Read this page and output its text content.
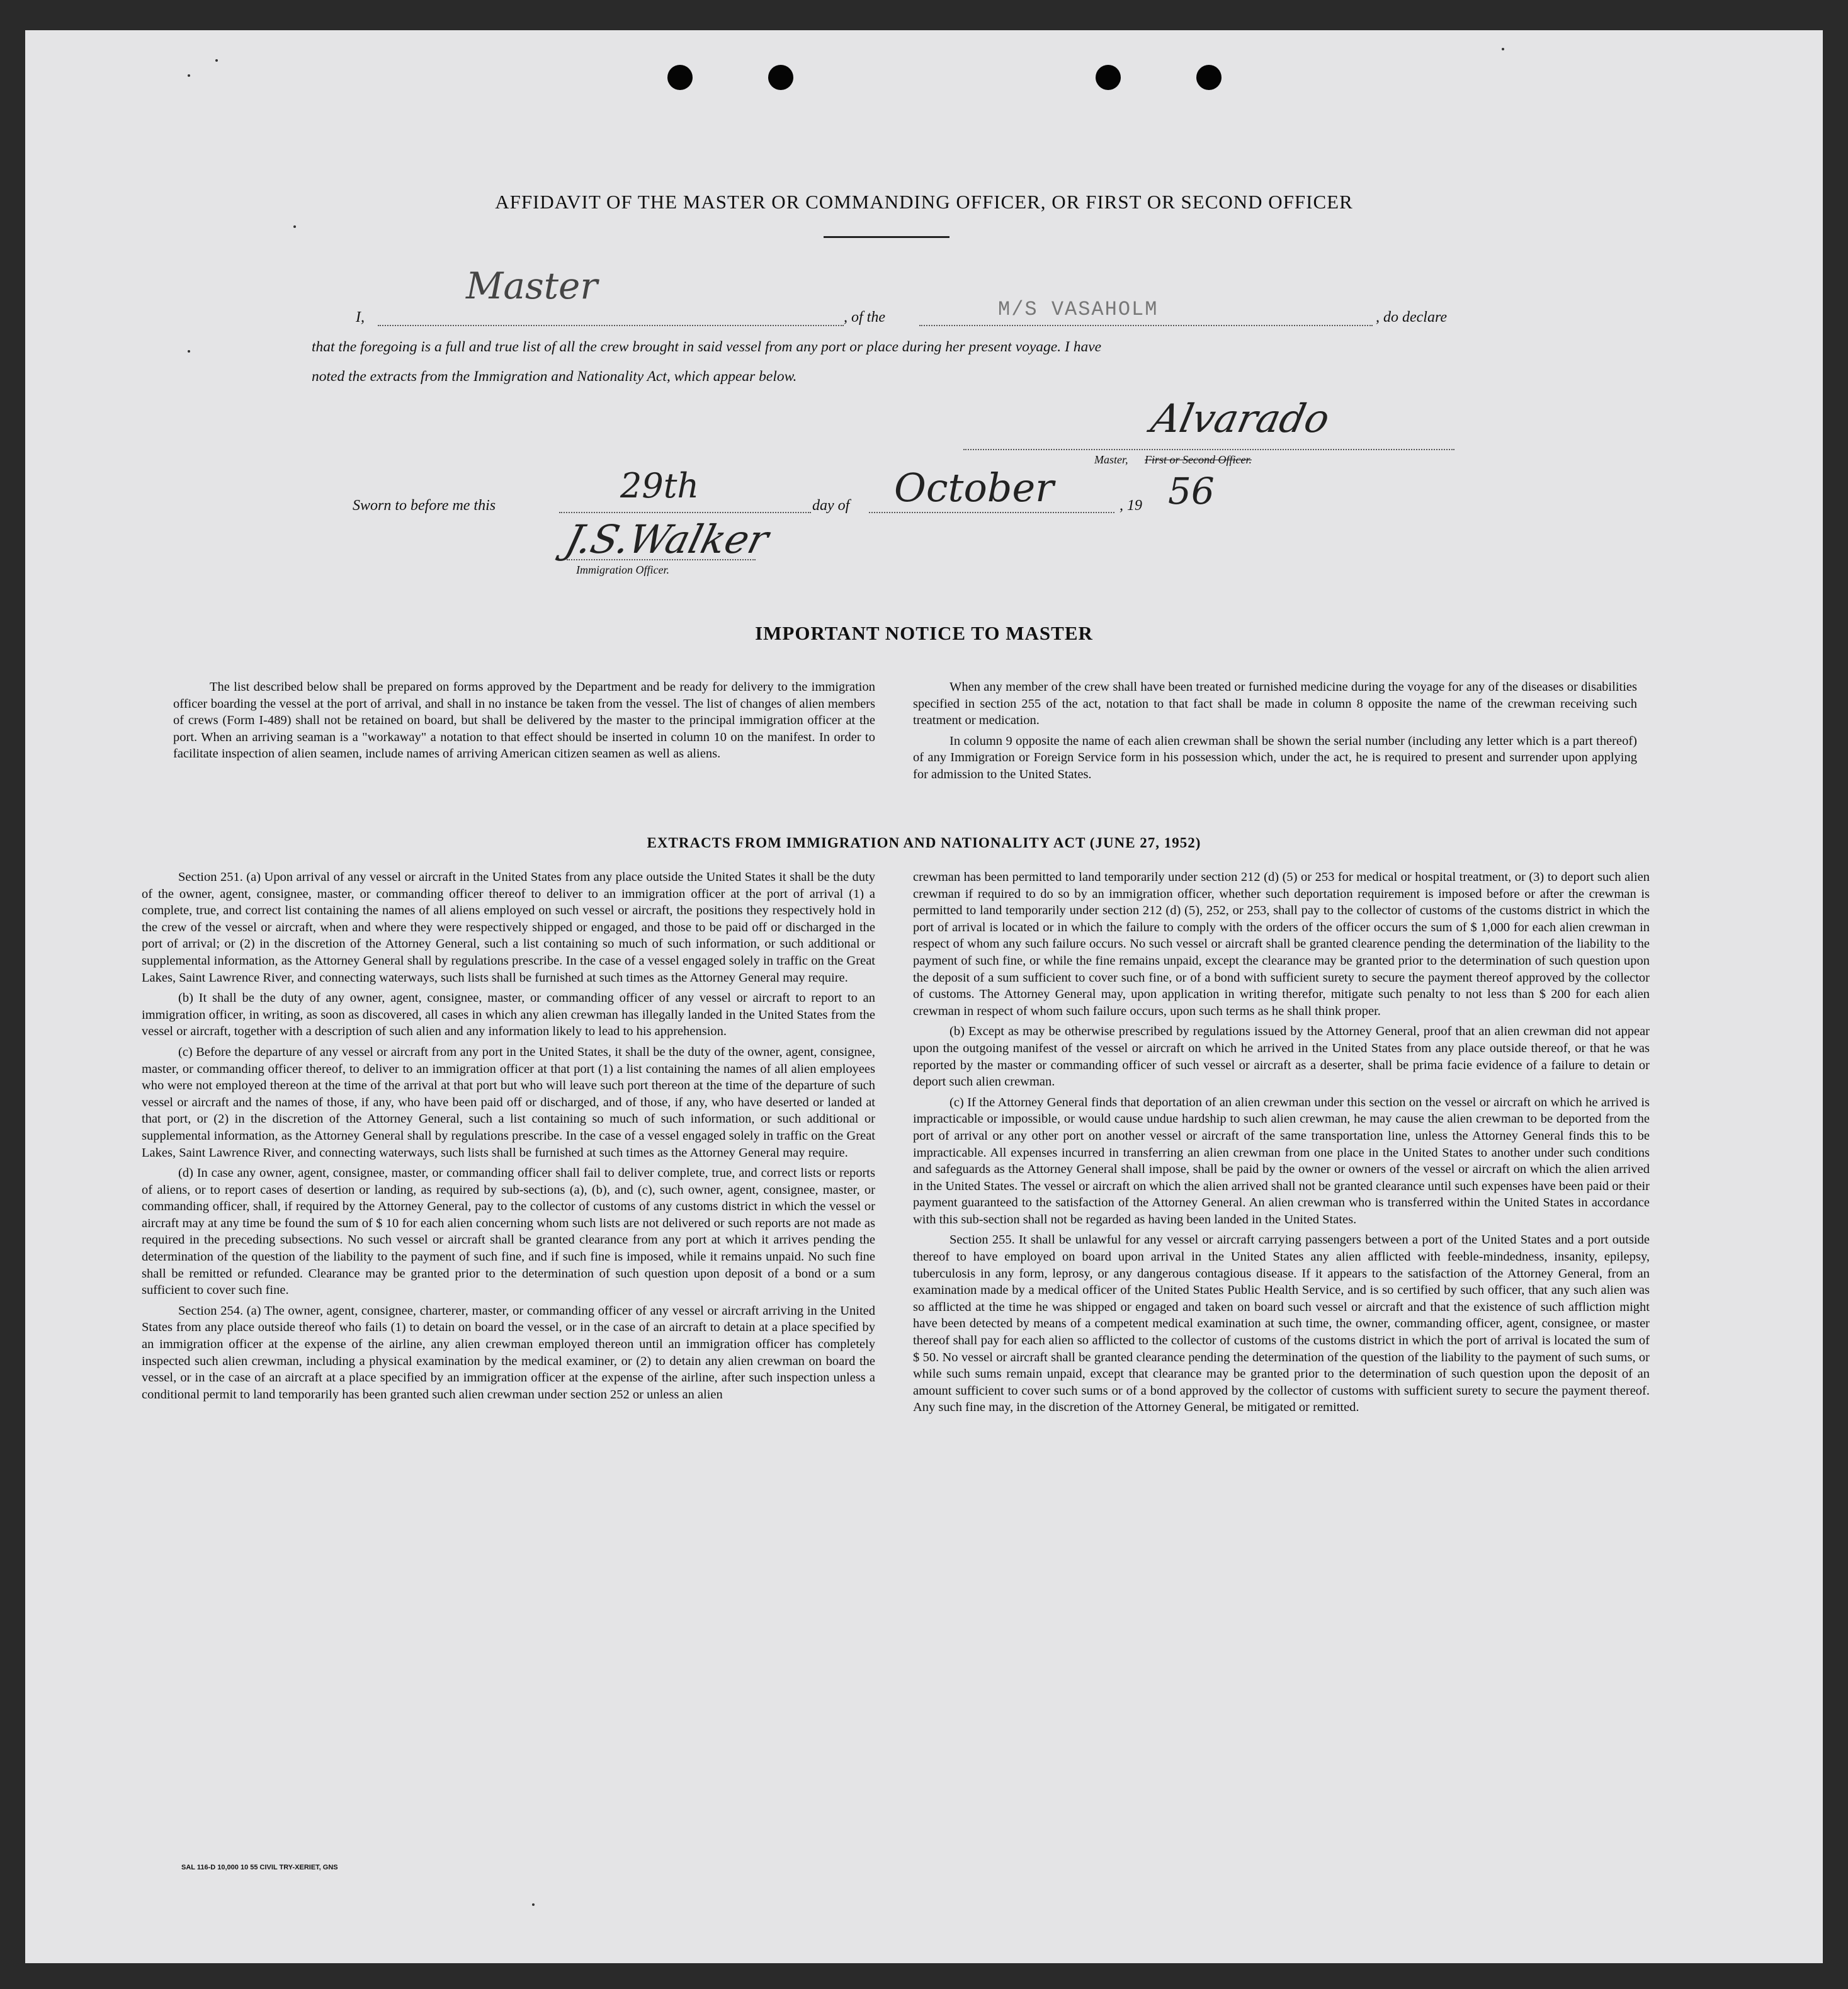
AFFIDAVIT OF THE MASTER OR COMMANDING OFFICER, OR FIRST OR SECOND OFFICER
I,
Master
, of the	M/S VASAHOLM	, do declare
that the foregoing is a full and true list of all the crew brought in said vessel from any port or place during her present voyage. I have
noted the extracts from the Immigration and Nationality Act, which appear below.
Alvarado
Master, First or Second Officer.
Sworn to before me this	29th	day of October	, 19 56
J.S.Walker
Immigration Officer.
IMPORTANT NOTICE TO MASTER

The list described below shall be prepared on forms approved by the Department and be ready for delivery to the immigration officer boarding the vessel at the port of arrival, and shall in no instance be taken from the vessel. The list of changes of alien members of crews (Form I-489) shall not be retained on board, but shall be delivered by the master to the principal immigration officer at the port. When an arriving seaman is a "workaway" a notation to that effect should be inserted in column 10 on the manifest. In order to facilitate inspection of alien seamen, include names of arriving American citizen seamen as well as aliens.

When any member of the crew shall have been treated or furnished medicine during the voyage for any of the diseases or disabilities specified in section 255 of the act, notation to that fact shall be made in column 8 opposite the name of the crewman receiving such treatment or medication.

In column 9 opposite the name of each alien crewman shall be shown the serial number (including any letter which is a part thereof) of any Immigration or Foreign Service form in his possession which, under the act, he is required to present and surrender upon applying for admission to the United States.

EXTRACTS FROM IMMIGRATION AND NATIONALITY ACT (JUNE 27, 1952)

Section 251. (a) Upon arrival of any vessel or aircraft in the United States from any place outside the United States it shall be the duty of the owner, agent, consignee, master, or commanding officer thereof to deliver to an immigration officer at the port of arrival (1) a complete, true, and correct list containing the names of all aliens employed on such vessel or aircraft, the positions they respectively hold in the crew of the vessel or aircraft, when and where they were respectively shipped or engaged, and those to be paid off or discharged in the port of arrival; or (2) in the discretion of the Attorney General, such a list containing so much of such information, or such additional or supplemental information, as the Attorney General shall by regulations prescribe. In the case of a vessel engaged solely in traffic on the Great Lakes, Saint Lawrence River, and connecting waterways, such lists shall be furnished at such times as the Attorney General may require.

(b) It shall be the duty of any owner, agent, consignee, master, or commanding officer of any vessel or aircraft to report to an immigration officer, in writing, as soon as discovered, all cases in which any alien crewman has illegally landed in the United States from the vessel or aircraft, together with a description of such alien and any information likely to lead to his apprehension.

(c) Before the departure of any vessel or aircraft from any port in the United States, it shall be the duty of the owner, agent, consignee, master, or commanding officer thereof, to deliver to an immigration officer at that port (1) a list containing the names of all alien employees who were not employed thereon at the time of the arrival at that port but who will leave such port thereon at the time of the departure of such vessel or aircraft and the names of those, if any, who have been paid off or discharged, and of those, if any, who have deserted or landed at that port, or (2) in the discretion of the Attorney General, such a list containing so much of such information, or such additional or supplemental information, as the Attorney General shall by regulations prescribe. In the case of a vessel engaged solely in traffic on the Great Lakes, Saint Lawrence River, and connecting waterways, such lists shall be furnished at such times as the Attorney General may require.

(d) In case any owner, agent, consignee, master, or commanding officer shall fail to deliver complete, true, and correct lists or reports of aliens, or to report cases of desertion or landing, as required by sub-sections (a), (b), and (c), such owner, agent, consignee, master, or commanding officer, shall, if required by the Attorney General, pay to the collector of customs of any customs district in which the vessel or aircraft may at any time be found the sum of $ 10 for each alien concerning whom such lists are not delivered or such reports are not made as required in the preceding subsections. No such vessel or aircraft shall be granted clearance from any port at which it arrives pending the determination of the question of the liability to the payment of such fine, and if such fine is imposed, while it remains unpaid. No such fine shall be remitted or refunded. Clearance may be granted prior to the determination of such question upon deposit of a bond or a sum sufficient to cover such fine.

Section 254. (a) The owner, agent, consignee, charterer, master, or commanding officer of any vessel or aircraft arriving in the United States from any place outside thereof who fails (1) to detain on board the vessel, or in the case of an aircraft to detain at a place specified by an immigration officer at the expense of the airline, any alien crewman employed thereon until an immigration officer has completely inspected such alien crewman, including a physical examination by the medical examiner, or (2) to detain any alien crewman on board the vessel, or in the case of an aircraft at a place specified by an immigration officer at the expense of the airline, after such inspection unless a conditional permit to land temporarily has been granted such alien crewman under section 252 or unless an alien

crewman has been permitted to land temporarily under section 212 (d) (5) or 253 for medical or hospital treatment, or (3) to deport such alien crewman if required to do so by an immigration officer, whether such deportation requirement is imposed before or after the crewman is permitted to land temporarily under section 212 (d) (5), 252, or 253, shall pay to the collector of customs of the customs district in which the port of arrival is located or in which the failure to comply with the orders of the officer occurs the sum of $ 1,000 for each alien crewman in respect of whom any such failure occurs. No such vessel or aircraft shall be granted clearence pending the determination of the liability to the payment of such fine, or while the fine remains unpaid, except the clearance may be granted prior to the determination of such question upon the deposit of a sum sufficient to cover such fine, or of a bond with sufficient surety to secure the payment thereof approved by the collector of customs. The Attorney General may, upon application in writing therefor, mitigate such penalty to not less than $ 200 for each alien crewman in respect of whom such failure occurs, upon such terms as he shall think proper.

(b) Except as may be otherwise prescribed by regulations issued by the Attorney General, proof that an alien crewman did not appear upon the outgoing manifest of the vessel or aircraft on which he arrived in the United States from any place outside thereof, or that he was reported by the master or commanding officer of such vessel or aircraft as a deserter, shall be prima facie evidence of a failure to detain or deport such alien crewman.

(c) If the Attorney General finds that deportation of an alien crewman under this section on the vessel or aircraft on which he arrived is impracticable or impossible, or would cause undue hardship to such alien crewman, he may cause the alien crewman to be deported from the port of arrival or any other port on another vessel or aircraft of the same transportation line, unless the Attorney General finds this to be impracticable. All expenses incurred in transferring an alien crewman from one place in the United States to another under such conditions and safeguards as the Attorney General shall impose, shall be paid by the owner or owners of the vessel or aircraft on which the alien arrived in the United States. The vessel or aircraft on which the alien arrived shall not be granted clearance until such expenses have been paid or their payment guaranteed to the satisfaction of the Attorney General. An alien crewman who is transferred within the United States in accordance with this sub-section shall not be regarded as having been landed in the United States.

Section 255. It shall be unlawful for any vessel or aircraft carrying passengers between a port of the United States and a port outside thereof to have employed on board upon arrival in the United States any alien afflicted with feeble-mindedness, insanity, epilepsy, tuberculosis in any form, leprosy, or any dangerous contagious disease. If it appears to the satisfaction of the Attorney General, from an examination made by a medical officer of the United States Public Health Service, and is so certified by such officer, that any such alien was so afflicted at the time he was shipped or engaged and taken on board such vessel or aircraft and that the existence of such affliction might have been detected by means of a competent medical examination at such time, the owner, commanding officer, agent, consignee, or master thereof shall pay for each alien so afflicted to the collector of customs of the customs district in which the port of arrival is located the sum of $ 50. No vessel or aircraft shall be granted clearance pending the determination of the question of the liability to the payment of such sums, or while such sums remain unpaid, except that clearance may be granted prior to the determination of such question upon the deposit of an amount sufficient to cover such sums or of a bond approved by the collector of customs with sufficient surety to secure the payment thereof. Any such fine may, in the discretion of the Attorney General, be mitigated or remitted.

SAL 116-D 10,000 10 55 CIVIL TRY-XERIET, GNS
